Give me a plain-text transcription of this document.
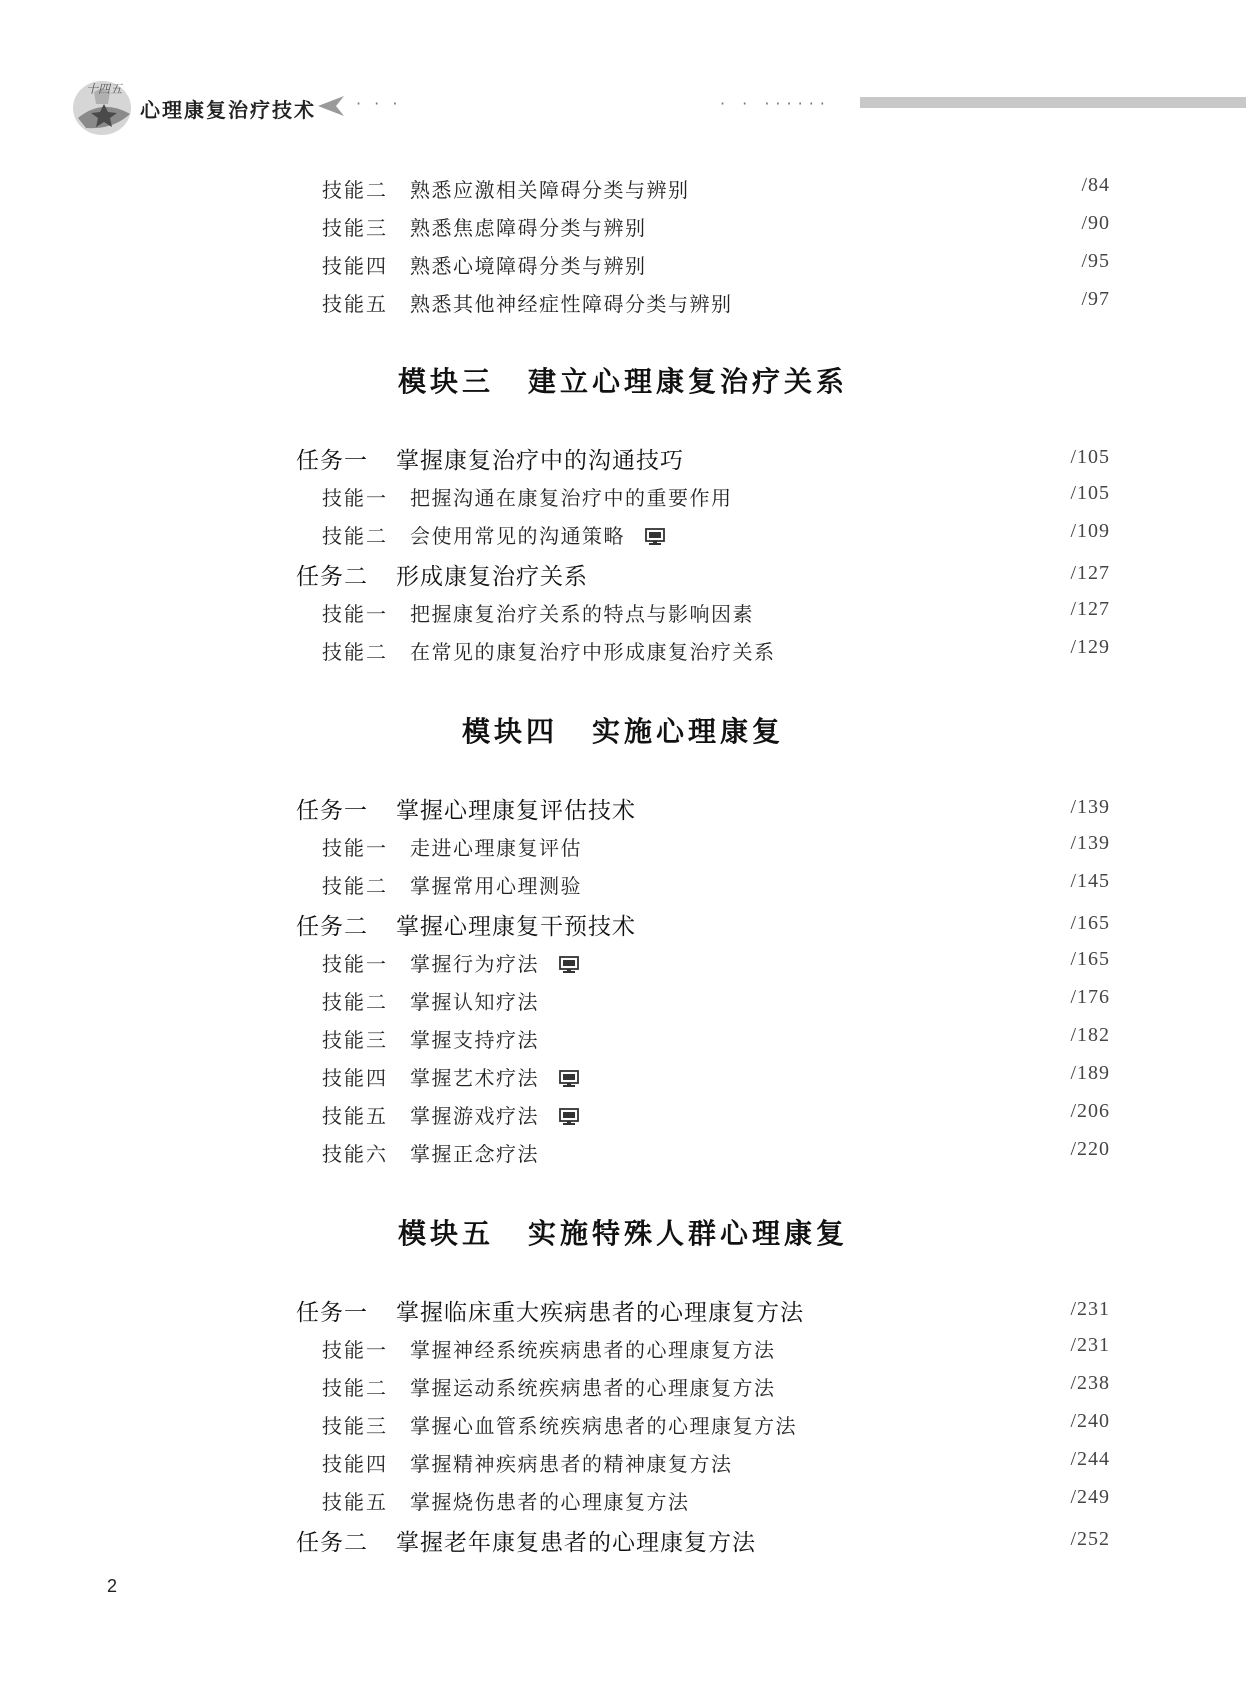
十四五
心理康复治疗技术	· · ·	· · ······
技能二 熟悉应激相关障碍分类与辨别	/84
技能三 熟悉焦虑障碍分类与辨别	/90
技能四 熟悉心境障碍分类与辨别	/95
技能五 熟悉其他神经症性障碍分类与辨别	/97
模块三 建立心理康复治疗关系
任务一 掌握康复治疗中的沟通技巧	/105
技能一 把握沟通在康复治疗中的重要作用	/105
技能二 会使用常见的沟通策略	/109
任务二 形成康复治疗关系	/127
技能一 把握康复治疗关系的特点与影响因素	/127
技能二 在常见的康复治疗中形成康复治疗关系	/129
模块四 实施心理康复
任务一 掌握心理康复评估技术	/139
技能一 走进心理康复评估	/139
技能二 掌握常用心理测验	/145
任务二 掌握心理康复干预技术	/165
技能一 掌握行为疗法	/165
技能二 掌握认知疗法	/176
技能三 掌握支持疗法	/182
技能四 掌握艺术疗法	/189
技能五 掌握游戏疗法	/206
技能六 掌握正念疗法	/220
模块五 实施特殊人群心理康复
任务一 掌握临床重大疾病患者的心理康复方法	/231
技能一 掌握神经系统疾病患者的心理康复方法	/231
技能二 掌握运动系统疾病患者的心理康复方法	/238
技能三 掌握心血管系统疾病患者的心理康复方法	/240
技能四 掌握精神疾病患者的精神康复方法	/244
技能五 掌握烧伤患者的心理康复方法	/249
任务二 掌握老年康复患者的心理康复方法	/252
2
